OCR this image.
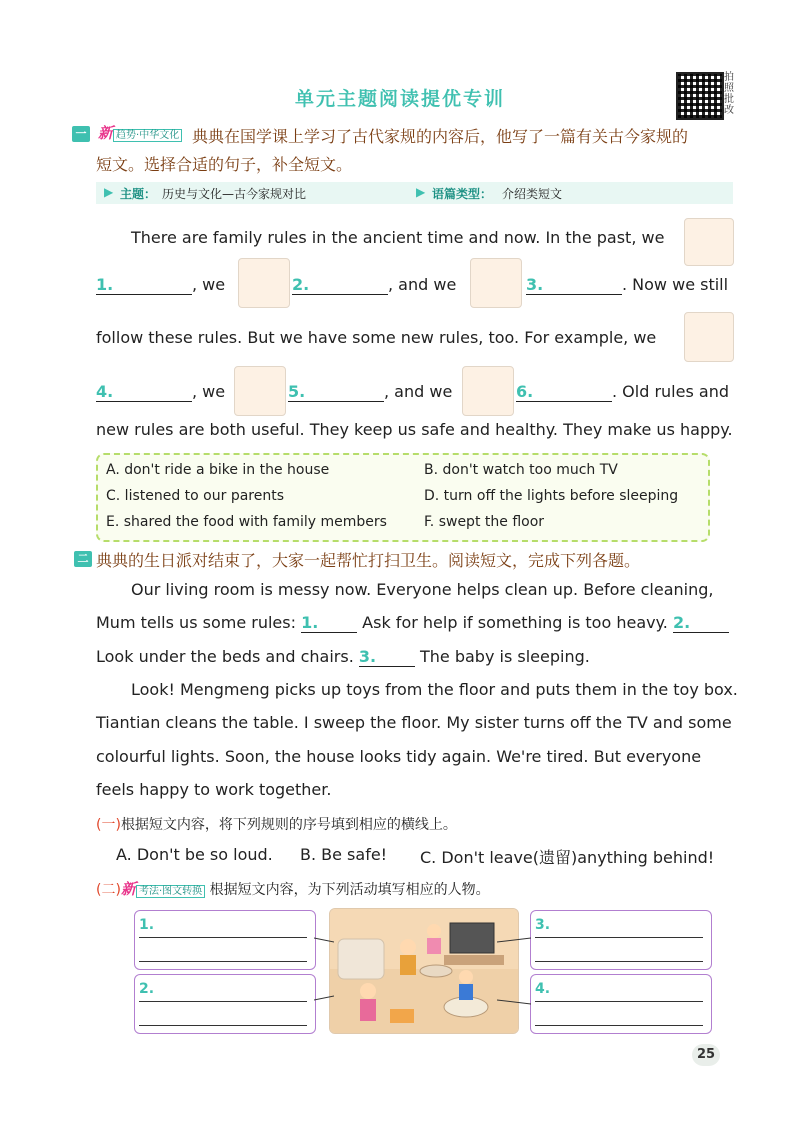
单元主题阅读提优专训
拍照批改
一 新趋势·中华文化 典典在国学课上学习了古代家规的内容后，他写了一篇有关古今家规的
短文。选择合适的句子，补全短文。
▶ 主题： 历史与文化—古今家规对比	▶ 语篇类型： 介绍类短文
There are family rules in the ancient time and now. In the past, we
1.	, we	2.	, and we	3.	. Now we still
follow these rules. But we have some new rules, too. For example, we
4.	, we	5.	, and we	6.	. Old rules and
new rules are both useful. They keep us safe and healthy. They make us happy.
A. don't ride a bike in the house	B. don't watch too much TV
C. listened to our parents	D. turn off the lights before sleeping
E. shared the food with family members	F. swept the floor
二 典典的生日派对结束了，大家一起帮忙打扫卫生。阅读短文，完成下列各题。
Our living room is messy now. Everyone helps clean up. Before cleaning,
Mum tells us some rules: 1.	Ask for help if something is too heavy. 2.
Look under the beds and chairs. 3.	The baby is sleeping.
Look! Mengmeng picks up toys from the floor and puts them in the toy box.
Tiantian cleans the table. I sweep the floor. My sister turns off the TV and some
colourful lights. Soon, the house looks tidy again. We're tired. But everyone
feels happy to work together.
(一)根据短文内容，将下列规则的序号填到相应的横线上。
A. Don't be so loud. B. Be safe! C. Don't leave(遗留)anything behind!
(二)新 考法·图文转换 根据短文内容，为下列活动填写相应的人物。
1.
2.
3.
4.
25
